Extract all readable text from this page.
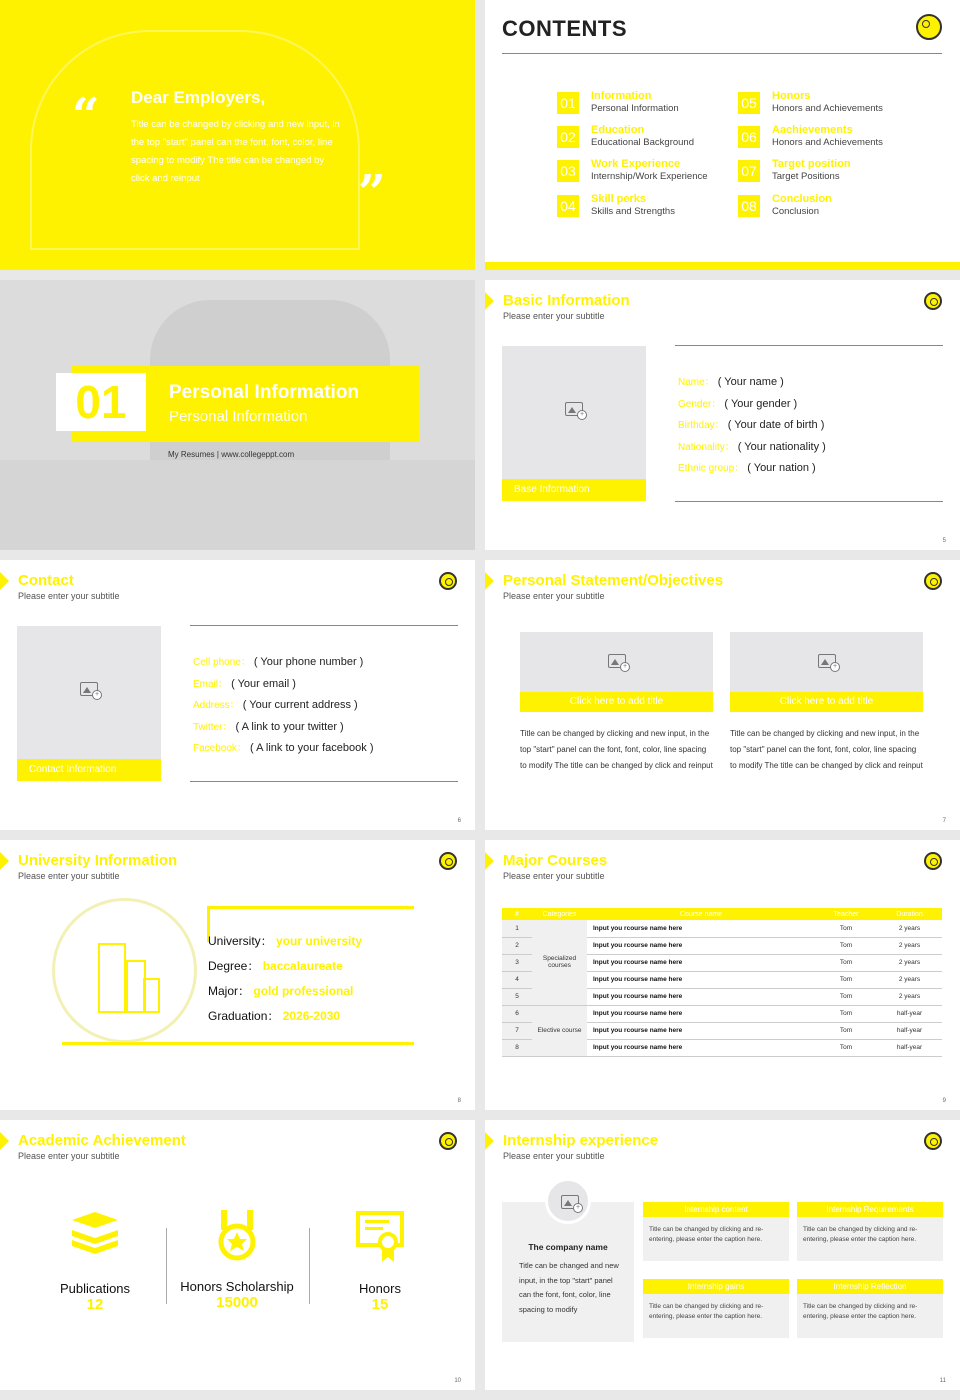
“
”
Dear Employers,
Title can be changed by clicking and new input, in the top "start" panel can the font, font, color, line spacing to modify The title can be changed by click and reinput
CONTENTS
01 Information
Personal Information
02 Education
Educational Background
03 Work Experience
Internship/Work Experience
04 Skill perks
Skills and Strengths
05 Honors
Honors and Achievements
06 Aachievements
Honors and Achievements
07 Target position
Target Positions
08 Conclusion
Conclusion
01	Personal Information
Personal Information
My Resumes | www.collegeppt.com
Basic Information
Please enter your subtitle
+
Base Information
Name： ( Your name )
Gender： ( Your gender )
Birthday： ( Your date of birth )
Nationality： ( Your nationality )
Ethnic group： ( Your nation )
5
Contact
Please enter your subtitle
+
Contact Information
Cell phone： ( Your phone number )
Email： ( Your email )
Address： ( Your current address )
Twitter： ( A link to your twitter )
Facebook： ( A link to your facebook )
6
Personal Statement/Objectives
Please enter your subtitle
+
Click here to add title
Title can be changed by clicking and new input, in the top "start" panel can the font, font, color, line spacing to modify The title can be changed by click and reinput
+
Click here to add title
Title can be changed by clicking and new input, in the top "start" panel can the font, font, color, line spacing to modify The title can be changed by click and reinput
7
University Information
Please enter your subtitle
University： your university
Degree： baccalaureate
Major： gold professional
Graduation： 2026-2030
8
Major Courses
Please enter your subtitle
#	Categories	Course name	Teacher	Duration
1	Specialized courses	Input you rcourse name here	Tom	2 years
2		Input you rcourse name here	Tom	2 years
3		Input you rcourse name here	Tom	2 years
4		Input you rcourse name here	Tom	2 years
5		Input you rcourse name here	Tom	2 years
6	Elective course	Input you rcourse name here	Tom	half-year
7		Input you rcourse name here	Tom	half-year
8		Input you rcourse name here	Tom	half-year
9
Academic Achievement
Please enter your subtitle
Publications
12
Honors Scholarship
15000
Honors
15
10
Internship experience
Please enter your subtitle
The company name
Title can be changed and new input, in the top "start" panel can the font, font, color, line spacing to modify
+
Internship content
Title can be changed by clicking and re-entering, please enter the caption here.
Internship Requirements
Title can be changed by clicking and re-entering, please enter the caption here.
Internship gains
Title can be changed by clicking and re-entering, please enter the caption here.
Internship Reflection
Title can be changed by clicking and re-entering, please enter the caption here.
11
